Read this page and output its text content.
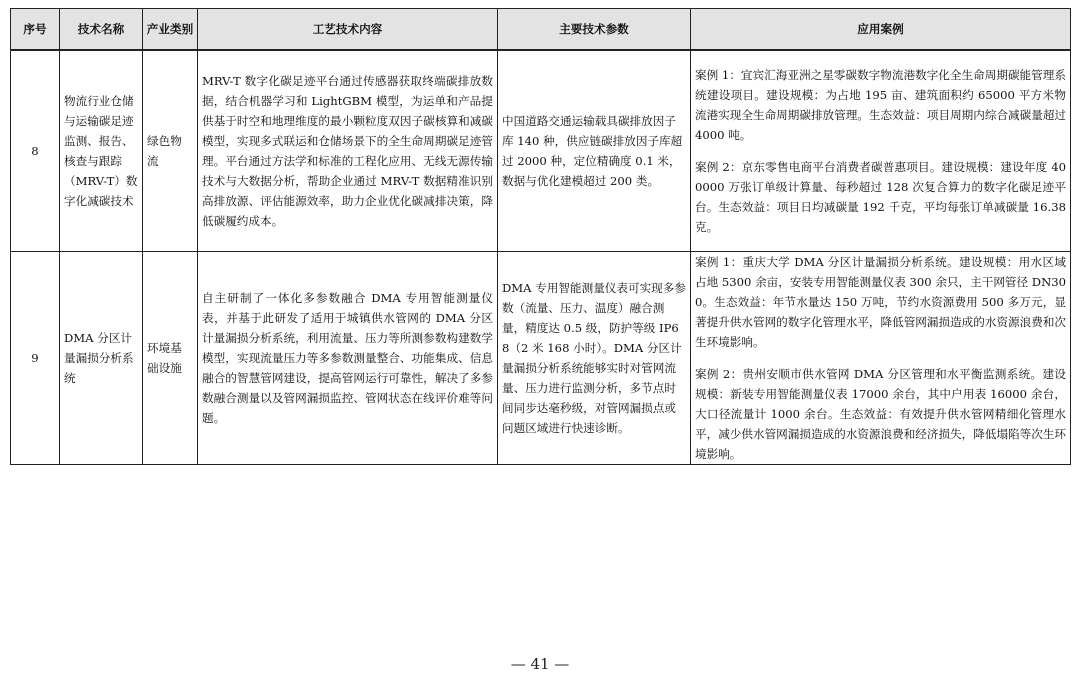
序号	技术名称	产业类别	工艺技术内容	主要技术参数	应用案例
8	物流行业仓储与运输碳足迹监测、报告、核查与跟踪（MRV-T）数字化减碳技术	绿色物流	MRV-T 数字化碳足迹平台通过传感器获取终端碳排放数据，结合机器学习和 LightGBM 模型，为运单和产品提供基于时空和地理维度的最小颗粒度双因子碳核算和减碳模型，实现多式联运和仓储场景下的全生命周期碳足迹管理。平台通过方法学和标准的工程化应用、无线无源传输技术与大数据分析，帮助企业通过 MRV-T 数据精准识别高排放源、评估能源效率，助力企业优化碳减排决策，降低碳履约成本。	中国道路交通运输载具碳排放因子库 140 种，供应链碳排放因子库超过 2000 种，定位精确度 0.1 米，数据与优化建模超过 200 类。	案例 1：宜宾汇海亚洲之星零碳数字物流港数字化全生命周期碳能管理系统建设项目。建设规模：为占地 195 亩、建筑面积约 65000 平方米物流港实现全生命周期碳排放管理。生态效益：项目周期内综合减碳量超过 4000 吨。

案例 2：京东零售电商平台消费者碳普惠项目。建设规模：建设年度 400000 万张订单级计算量、每秒超过 128 次复合算力的数字化碳足迹平台。生态效益：项目日均减碳量 192 千克，平均每张订单减碳量 16.38 克。

9	DMA 分区计量漏损分析系统	环境基础设施	自主研制了一体化多参数融合 DMA 专用智能测量仪表，并基于此研发了适用于城镇供水管网的 DMA 分区计量漏损分析系统，利用流量、压力等所测参数构建数学模型，实现流量压力等多参数测量整合、功能集成、信息融合的智慧管网建设，提高管网运行可靠性，解决了多参数融合测量以及管网漏损监控、管网状态在线评价难等问题。	DMA 专用智能测量仪表可实现多参数（流量、压力、温度）融合测量，精度达 0.5 级，防护等级 IP68（2 米 168 小时）。DMA 分区计量漏损分析系统能够实时对管网流量、压力进行监测分析，多节点时间同步达毫秒级，对管网漏损点或问题区域进行快速诊断。	案例 1：重庆大学 DMA 分区计量漏损分析系统。建设规模：用水区域占地 5300 余亩，安装专用智能测量仪表 300 余只，主干网管径 DN300。生态效益：年节水量达 150 万吨，节约水资源费用 500 多万元，显著提升供水管网的数字化管理水平，降低管网漏损造成的水资源浪费和次生环境影响。

案例 2：贵州安顺市供水管网 DMA 分区管理和水平衡监测系统。建设规模：新装专用智能测量仪表 17000 余台，其中户用表 16000 余台，大口径流量计 1000 余台。生态效益：有效提升供水管网精细化管理水平，减少供水管网漏损造成的水资源浪费和经济损失，降低塌陷等次生环境影响。

— 41 —
